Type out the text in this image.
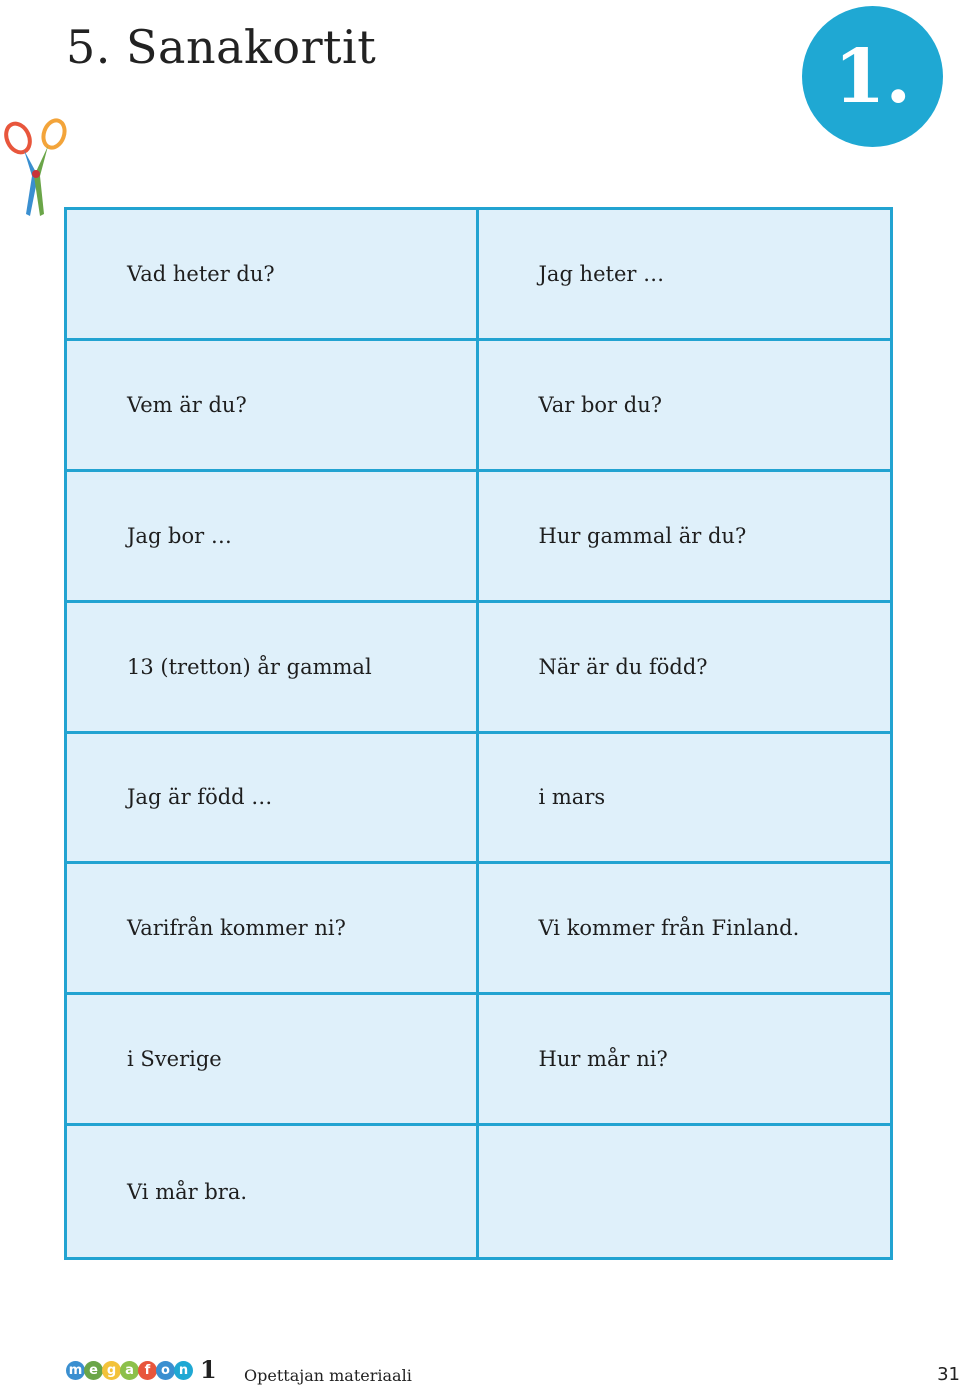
5. Sanakortit	1.
Vad heter du?	Jag heter …
Vem är du?	Var bor du?
Jag bor …	Hur gammal är du?
13 (tretton) år gammal	När är du född?
Jag är född …	i mars
Varifrån kommer ni?	Vi kommer från Finland.
i Sverige	Hur mår ni?
Vi mår bra.
m e g a f o n 1 Opettajan materiaali	31
